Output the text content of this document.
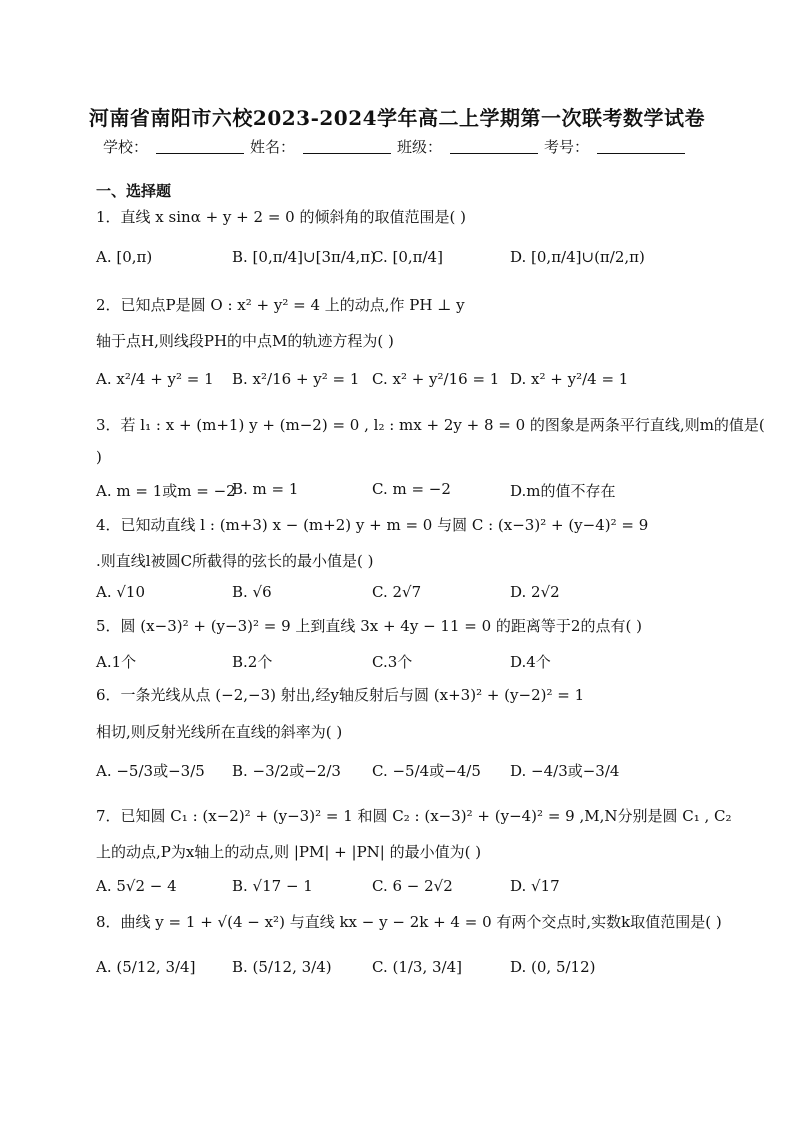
河南省南阳市六校2023-2024学年高二上学期第一次联考数学试卷
学校：	姓名：	班级：	考号：
一、选择题
1．直线 x sinα + y + 2 = 0 的倾斜角的取值范围是( )
A. [0,π)	B. [0,π/4]∪[3π/4,π)
C. [0,π/4]	D. [0,π/4]∪(π/2,π)
2．已知点P是圆 O : x² + y² = 4 上的动点,作 PH ⊥ y
轴于点H,则线段PH的中点M的轨迹方程为( )
A. x²/4 + y² = 1 B. x²/16 + y² = 1 C. x² + y²/16 = 1 D. x² + y²/4 = 1
3．若 l₁ : x + (m+1) y + (m−2) = 0 , l₂ : mx + 2y + 8 = 0 的图象是两条平行直线,则m的值是(
)
A. m = 1或m = −2
B. m = 1	C. m = −2	D.m的值不存在
4．已知动直线 l : (m+3) x − (m+2) y + m = 0 与圆 C : (x−3)² + (y−4)² = 9
.则直线l被圆C所截得的弦长的最小值是( )
A. √10	B. √6	C. 2√7	D. 2√2
5．圆 (x−3)² + (y−3)² = 9 上到直线 3x + 4y − 11 = 0 的距离等于2的点有( )
A.1个	B.2个	C.3个	D.4个
6．一条光线从点 (−2,−3) 射出,经y轴反射后与圆 (x+3)² + (y−2)² = 1
相切,则反射光线所在直线的斜率为( )
A. −5/3或−3/5 B. −3/2或−2/3 C. −5/4或−4/5 D. −4/3或−3/4
7．已知圆 C₁ : (x−2)² + (y−3)² = 1 和圆 C₂ : (x−3)² + (y−4)² = 9 ,M,N分别是圆 C₁ , C₂
上的动点,P为x轴上的动点,则 |PM| + |PN| 的最小值为( )
A. 5√2 − 4	B. √17 − 1	C. 6 − 2√2	D. √17
8．曲线 y = 1 + √(4 − x²) 与直线 kx − y − 2k + 4 = 0 有两个交点时,实数k取值范围是( )
A. (5/12, 3/4] B. (5/12, 3/4)	C. (1/3, 3/4]	D. (0, 5/12)
